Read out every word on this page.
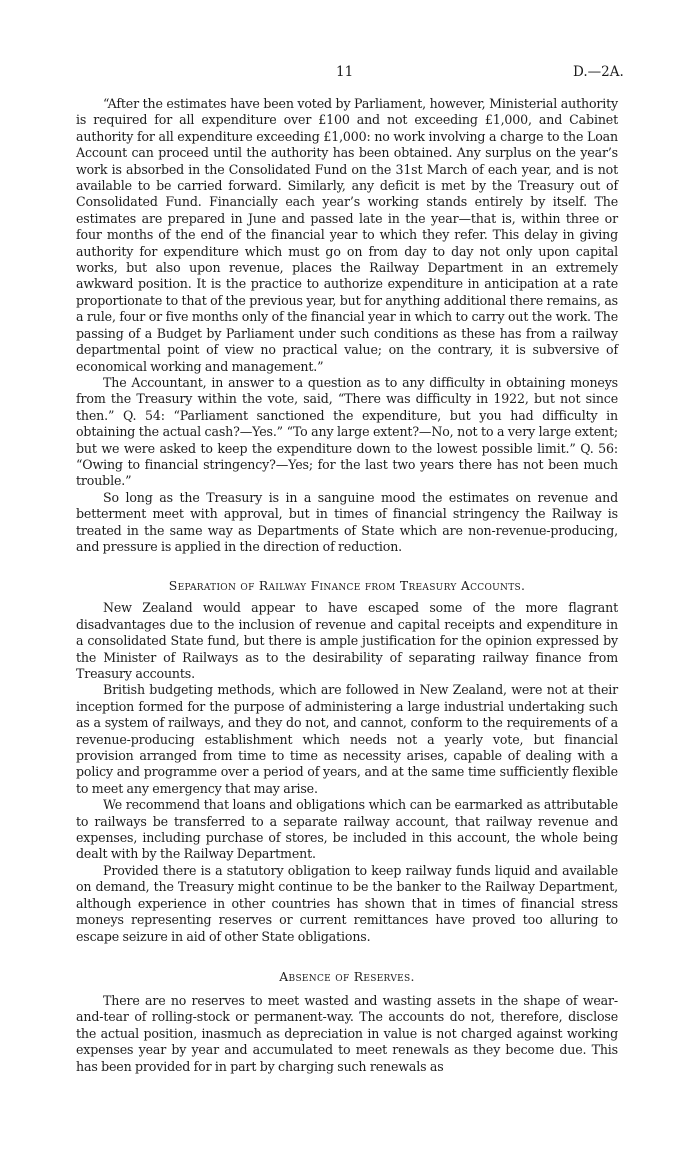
11	D.—2A.

“After the estimates have been voted by Parliament, however, Ministerial authority is required for all expenditure over £100 and not exceeding £1,000, and Cabinet authority for all expenditure exceeding £1,000: no work involving a charge to the Loan Account can proceed until the authority has been obtained. Any surplus on the year’s work is absorbed in the Consolidated Fund on the 31st March of each year, and is not available to be carried forward. Similarly, any deficit is met by the Treasury out of Consolidated Fund. Financially each year’s working stands entirely by itself. The estimates are prepared in June and passed late in the year—that is, within three or four months of the end of the financial year to which they refer. This delay in giving authority for expenditure which must go on from day to day not only upon capital works, but also upon revenue, places the Railway Department in an extremely awkward position. It is the practice to authorize expenditure in anticipation at a rate proportionate to that of the previous year, but for anything additional there remains, as a rule, four or five months only of the financial year in which to carry out the work. The passing of a Budget by Parliament under such conditions as these has from a railway departmental point of view no practical value; on the contrary, it is subversive of economical working and management.”

The Accountant, in answer to a question as to any difficulty in obtaining moneys from the Treasury within the vote, said, “There was difficulty in 1922, but not since then.” Q. 54: “Parliament sanctioned the expenditure, but you had difficulty in obtaining the actual cash?—Yes.” “To any large extent?—No, not to a very large extent; but we were asked to keep the expenditure down to the lowest possible limit.” Q. 56: “Owing to financial stringency?—Yes; for the last two years there has not been much trouble.”

So long as the Treasury is in a sanguine mood the estimates on revenue and betterment meet with approval, but in times of financial stringency the Railway is treated in the same way as Departments of State which are non-revenue-producing, and pressure is applied in the direction of reduction.

Separation of Railway Finance from Treasury Accounts.

New Zealand would appear to have escaped some of the more flagrant disadvantages due to the inclusion of revenue and capital receipts and expenditure in a consolidated State fund, but there is ample justification for the opinion expressed by the Minister of Railways as to the desirability of separating railway finance from Treasury accounts.

British budgeting methods, which are followed in New Zealand, were not at their inception formed for the purpose of administering a large industrial undertaking such as a system of railways, and they do not, and cannot, conform to the requirements of a revenue-producing establishment which needs not a yearly vote, but financial provision arranged from time to time as necessity arises, capable of dealing with a policy and programme over a period of years, and at the same time sufficiently flexible to meet any emergency that may arise.

We recommend that loans and obligations which can be earmarked as attributable to railways be transferred to a separate railway account, that railway revenue and expenses, including purchase of stores, be included in this account, the whole being dealt with by the Railway Department.

Provided there is a statutory obligation to keep railway funds liquid and available on demand, the Treasury might continue to be the banker to the Railway Department, although experience in other countries has shown that in times of financial stress moneys representing reserves or current remittances have proved too alluring to escape seizure in aid of other State obligations.

Absence of Reserves.

There are no reserves to meet wasted and wasting assets in the shape of wear-and-tear of rolling-stock or permanent-way. The accounts do not, therefore, disclose the actual position, inasmuch as depreciation in value is not charged against working expenses year by year and accumulated to meet renewals as they become due. This has been provided for in part by charging such renewals as
